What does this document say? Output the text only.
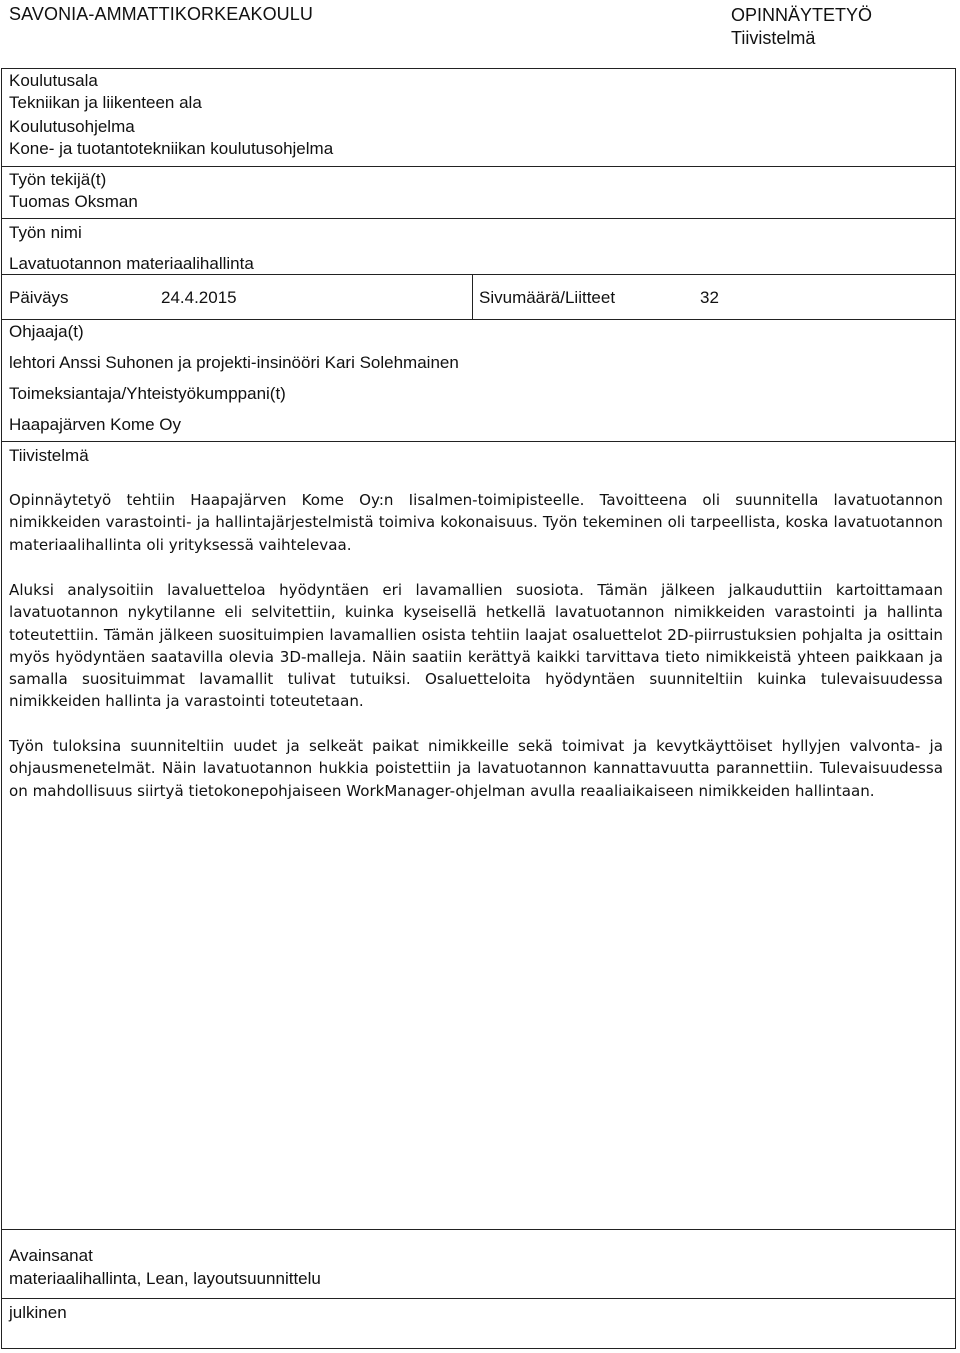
SAVONIA-AMMATTIKORKEAKOULU	OPINNÄYTETYÖ
Tiivistelmä
Koulutusala
Tekniikan ja liikenteen ala
Koulutusohjelma
Kone- ja tuotantotekniikan koulutusohjelma
Työn tekijä(t)
Tuomas Oksman
Työn nimi
Lavatuotannon materiaalihallinta
Päiväys	24.4.2015	Sivumäärä/Liitteet	32
Ohjaaja(t)
lehtori Anssi Suhonen ja projekti-insinööri Kari Solehmainen
Toimeksiantaja/Yhteistyökumppani(t)
Haapajärven Kome Oy
Tiivistelmä

Opinnäytetyö tehtiin Haapajärven Kome Oy:n Iisalmen-toimipisteelle. Tavoitteena oli suunnitella lavatuotannon nimikkeiden varastointi- ja hallintajärjestelmistä toimiva kokonaisuus. Työn tekeminen oli tarpeellista, koska lavatuotannon materiaalihallinta oli yrityksessä vaihtelevaa.

Aluksi analysoitiin lavaluetteloa hyödyntäen eri lavamallien suosiota. Tämän jälkeen jalkauduttiin kartoittamaan lavatuotannon nykytilanne eli selvitettiin, kuinka kyseisellä hetkellä lavatuotannon nimikkeiden varastointi ja hallinta toteutettiin. Tämän jälkeen suosituimpien lavamallien osista tehtiin laajat osaluettelot 2D-piirrustuksien pohjalta ja osittain myös hyödyntäen saatavilla olevia 3D-malleja. Näin saatiin kerättyä kaikki tarvittava tieto nimikkeistä yhteen paikkaan ja samalla suosituimmat lavamallit tulivat tutuiksi. Osaluetteloita hyödyntäen suunniteltiin kuinka tulevaisuudessa nimikkeiden hallinta ja varastointi toteutetaan.

Työn tuloksina suunniteltiin uudet ja selkeät paikat nimikkeille sekä toimivat ja kevytkäyttöiset hyllyjen valvonta- ja ohjausmenetelmät. Näin lavatuotannon hukkia poistettiin ja lavatuotannon kannattavuutta parannettiin. Tulevaisuudessa on mahdollisuus siirtyä tietokonepohjaiseen WorkManager-ohjelman avulla reaaliaikaiseen nimikkeiden hallintaan.

Avainsanat
materiaalihallinta, Lean, layoutsuunnittelu
julkinen
